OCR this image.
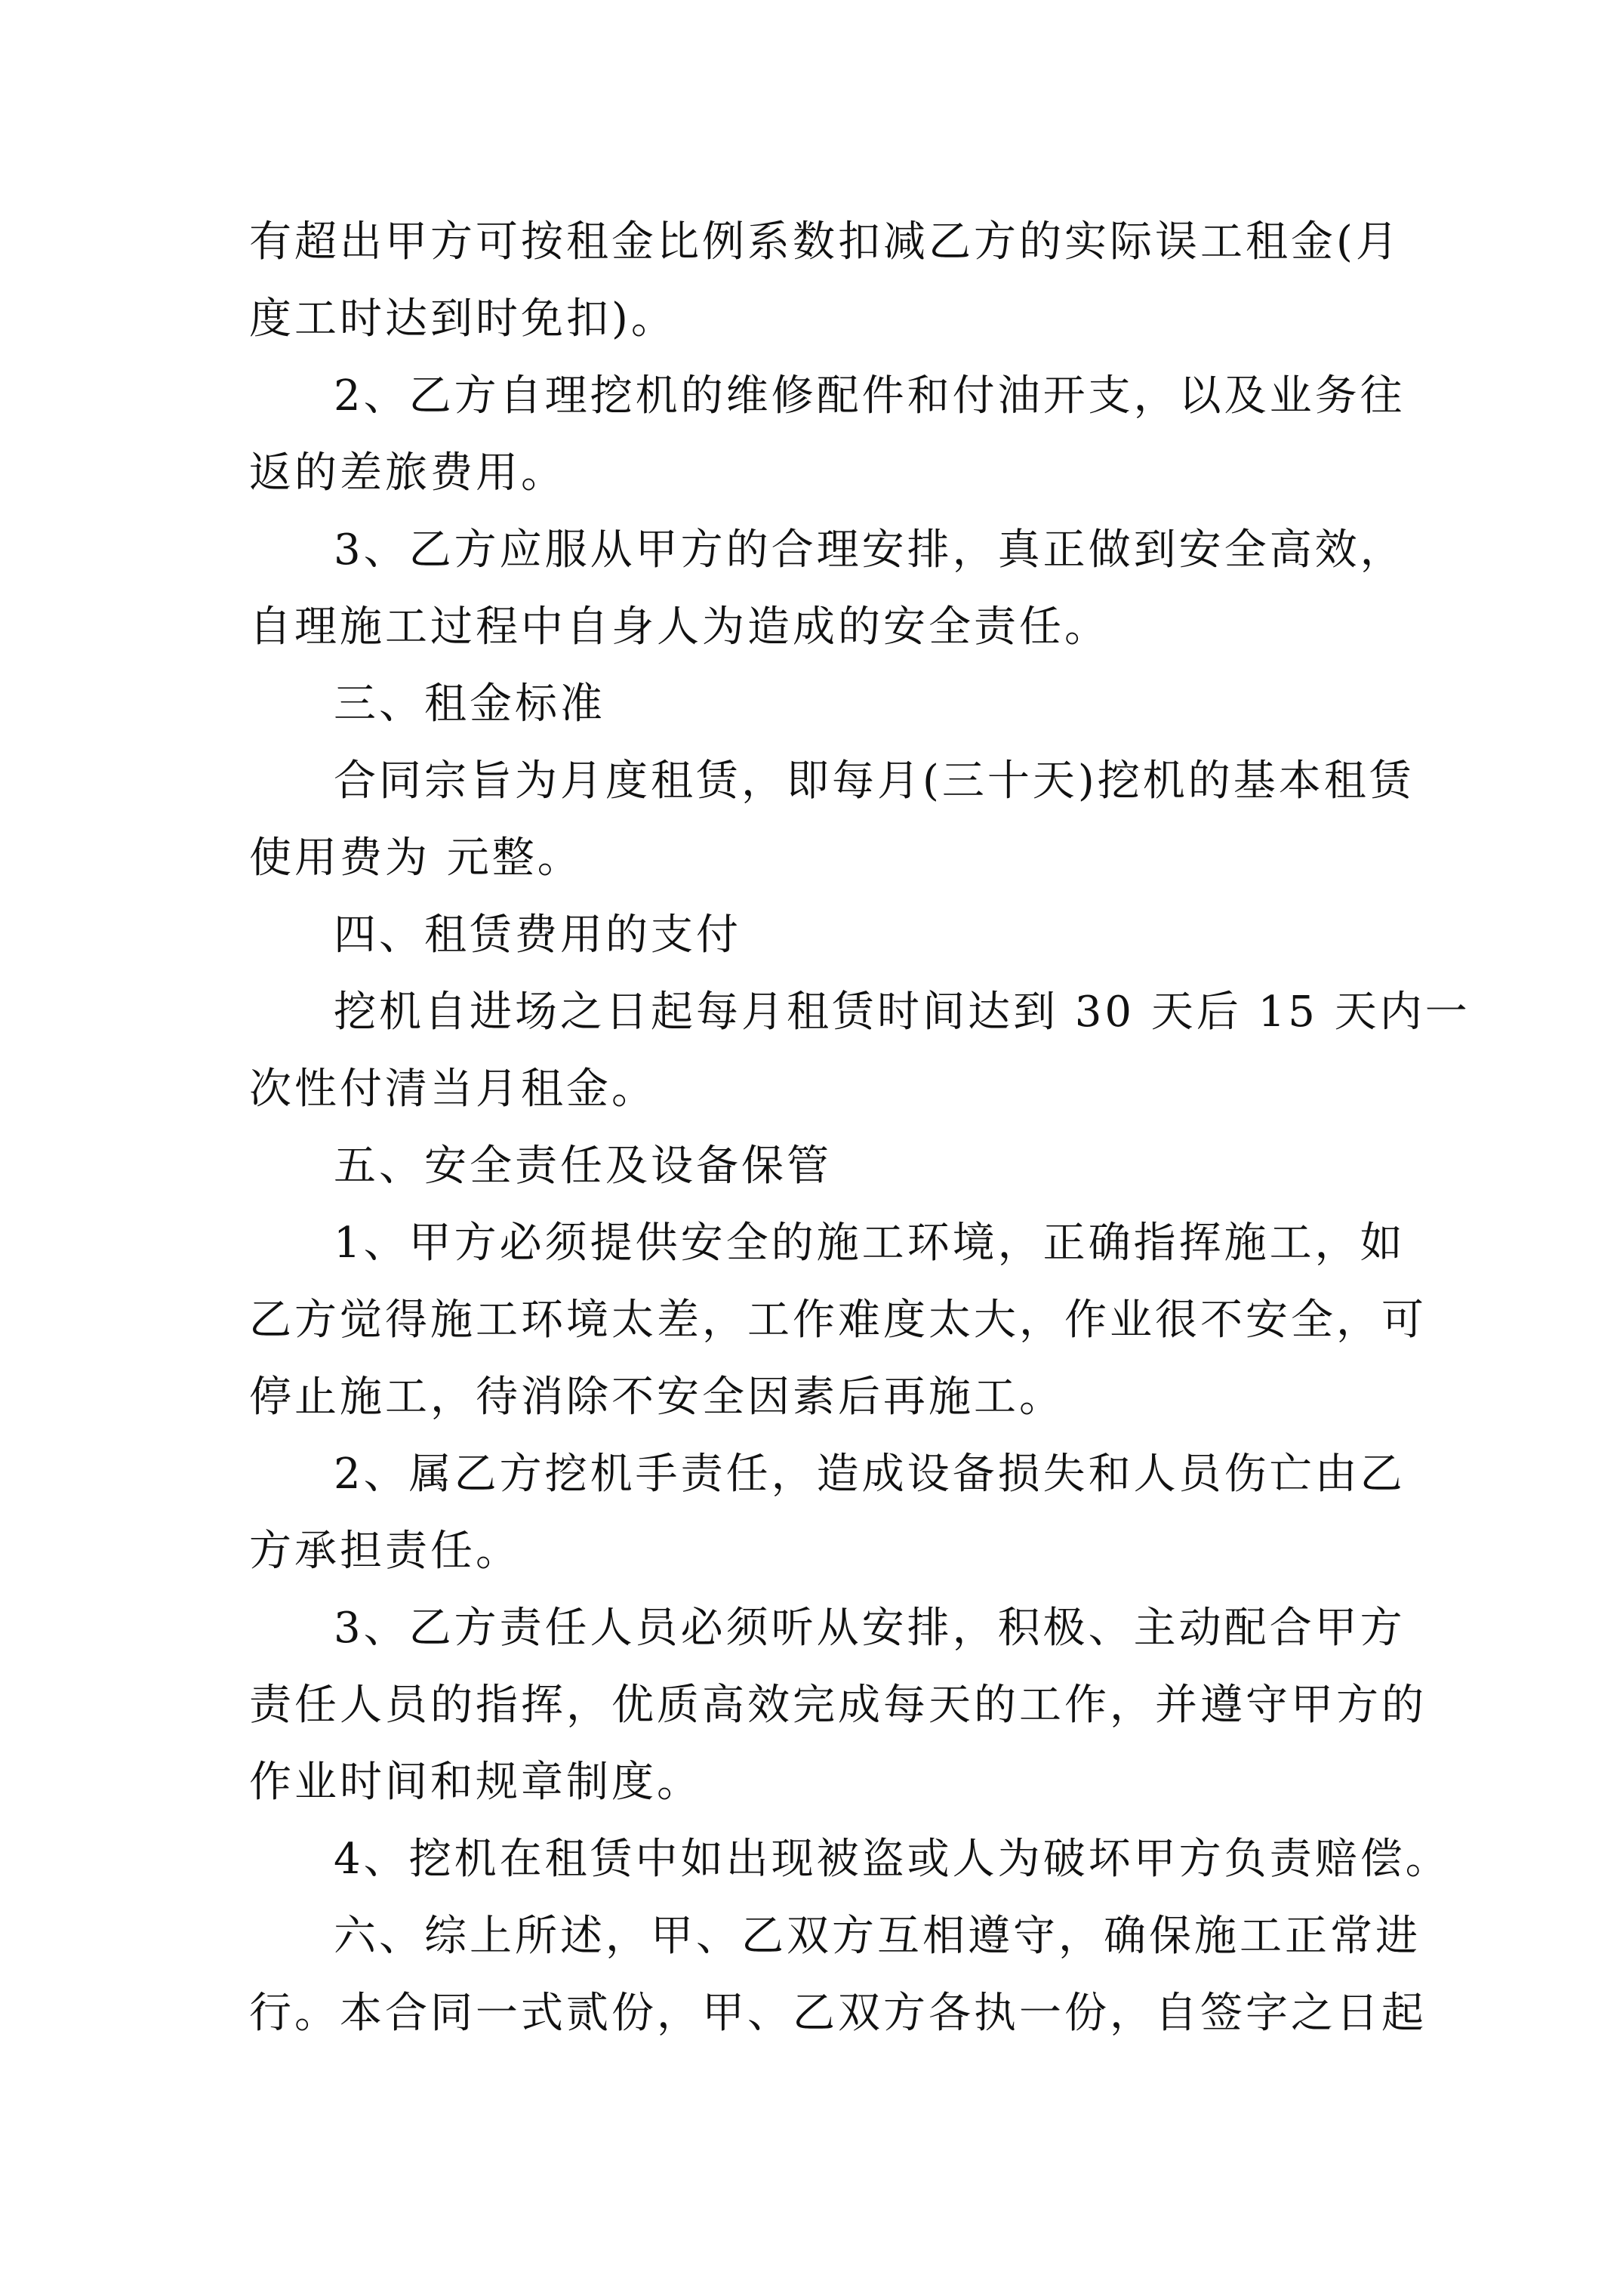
有超出甲方可按租金比例系数扣减乙方的实际误工租金(月
度工时达到时免扣)。
2、乙方自理挖机的维修配件和付油开支，以及业务往
返的差旅费用。
3、乙方应服从甲方的合理安排，真正做到安全高效，
自理施工过程中自身人为造成的安全责任。
三、租金标准
合同宗旨为月度租赁，即每月(三十天)挖机的基本租赁
使用费为 元整。
四、租赁费用的支付
挖机自进场之日起每月租赁时间达到 30 天后 15 天内一
次性付清当月租金。
五、安全责任及设备保管
1、甲方必须提供安全的施工环境，正确指挥施工，如
乙方觉得施工环境太差，工作难度太大，作业很不安全，可
停止施工，待消除不安全因素后再施工。
2、属乙方挖机手责任，造成设备损失和人员伤亡由乙
方承担责任。
3、乙方责任人员必须听从安排，积极、主动配合甲方
责任人员的指挥，优质高效完成每天的工作，并遵守甲方的
作业时间和规章制度。
4、挖机在租赁中如出现被盗或人为破坏甲方负责赔偿。
六、综上所述，甲、乙双方互相遵守，确保施工正常进
行。本合同一式贰份，甲、乙双方各执一份，自签字之日起
